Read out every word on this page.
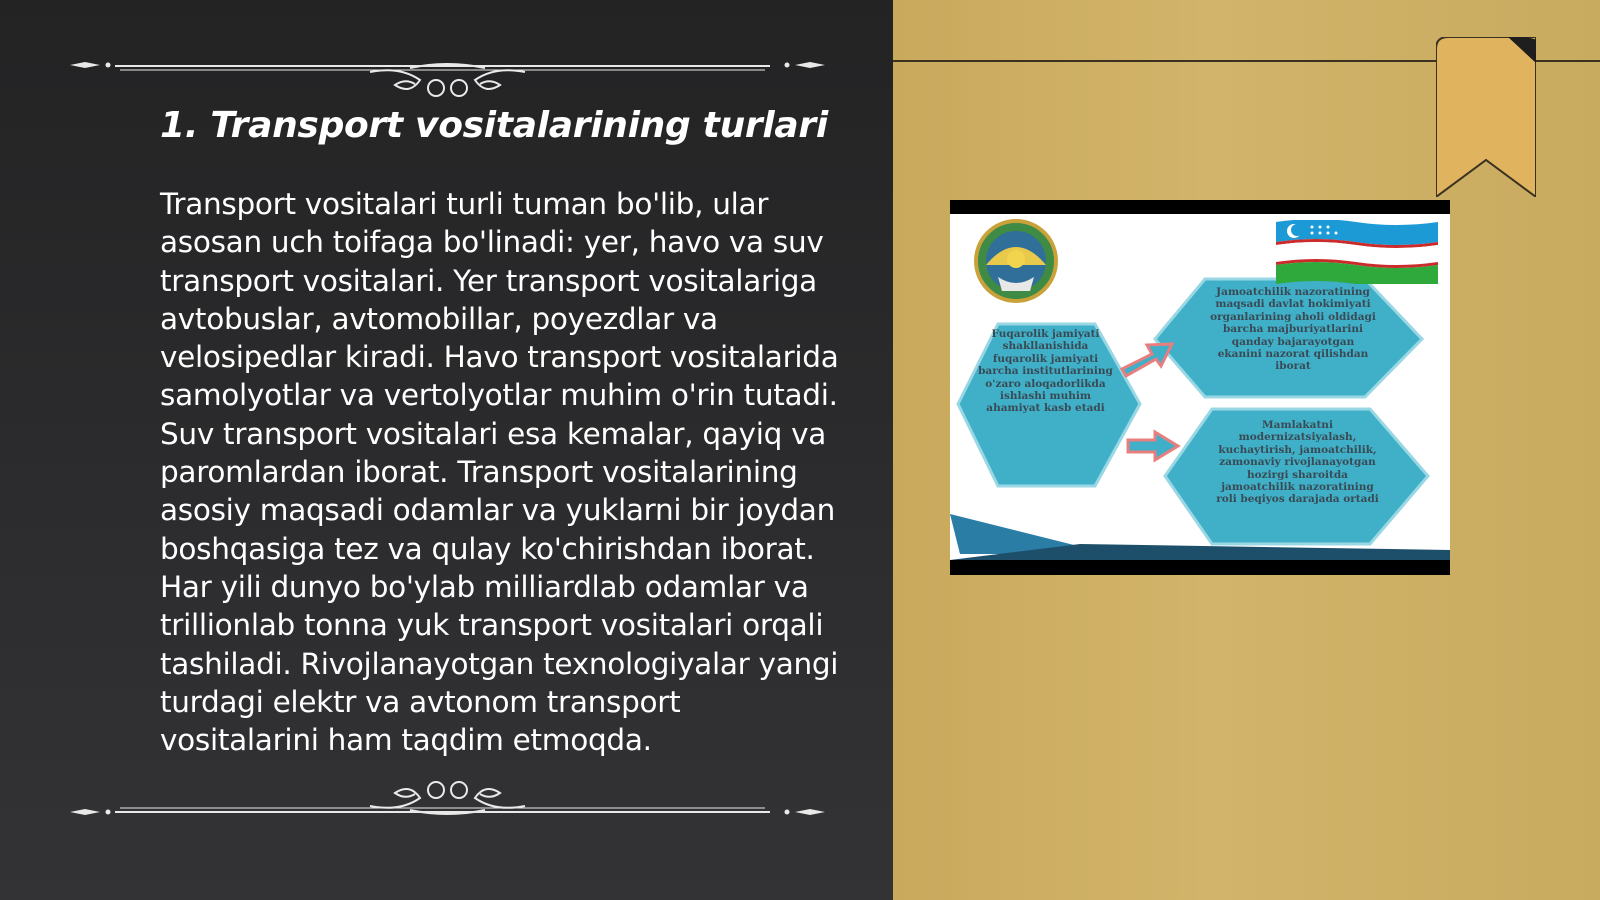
1. Transport vositalarining turlari

Transport vositalari turli tuman bo'lib, ular asosan uch toifaga bo'linadi: yer, havo va suv transport vositalari. Yer transport vositalariga avtobuslar, avtomobillar, poyezdlar va velosipedlar kiradi. Havo transport vositalarida samolyotlar va vertolyotlar muhim o'rin tutadi. Suv transport vositalari esa kemalar, qayiq va paromlardan iborat. Transport vositalarining asosiy maqsadi odamlar va yuklarni bir joydan boshqasiga tez va qulay ko'chirishdan iborat. Har yili dunyo bo'ylab milliardlab odamlar va trillionlab tonna yuk transport vositalari orqali tashiladi. Rivojlanayotgan texnologiyalar yangi turdagi elektr va avtonom transport vositalarini ham taqdim etmoqda.

Fuqarolik jamiyati shakllanishida fuqarolik jamiyati barcha institutlarining o'zaro aloqadorlikda ishlashi muhim ahamiyat kasb etadi

Jamoatchilik nazoratining maqsadi davlat hokimiyati organlarining aholi oldidagi barcha majburiyatlarini qanday bajarayotgan ekanini nazorat qilishdan iborat

Mamlakatni modernizatsiyalash, kuchaytirish, jamoatchilik, zamonaviy rivojlanayotgan hozirgi sharoitda jamoatchilik nazoratining roli beqiyos darajada ortadi
